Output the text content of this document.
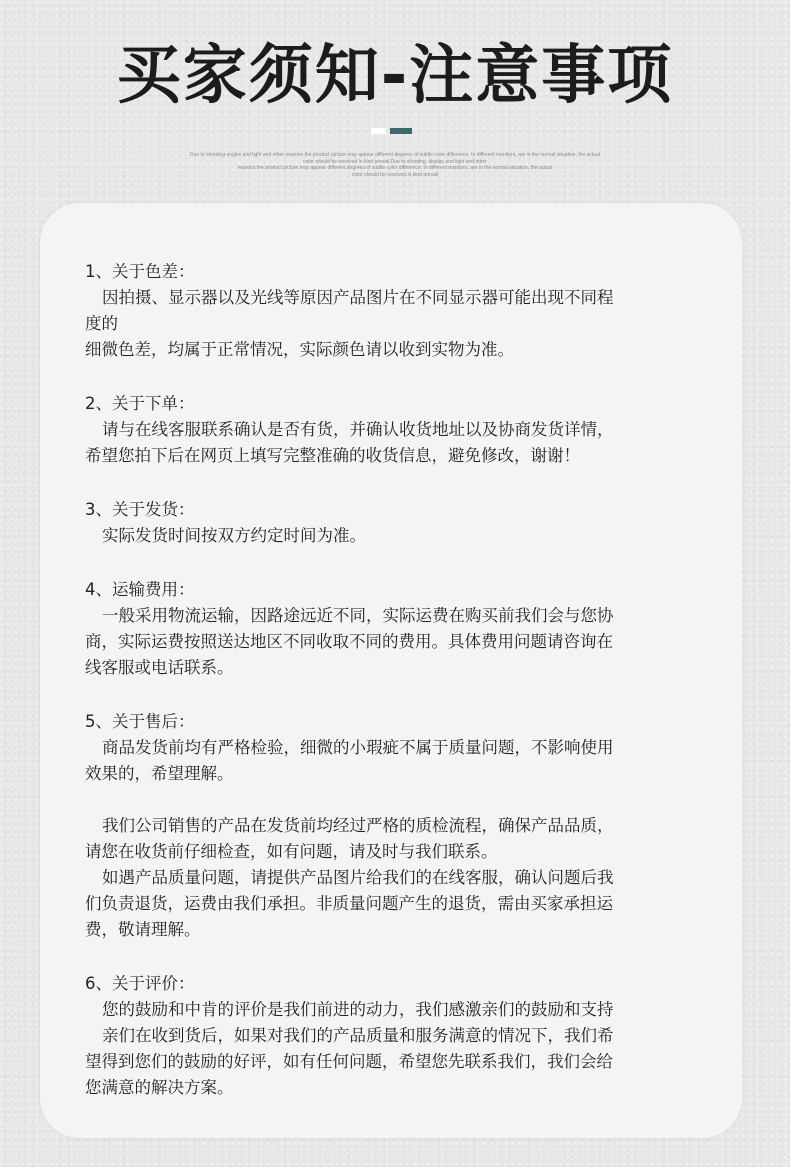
买家须知-注意事项
Due to shooting angles and light and other reasons the product picture may appear different degrees of subtle color difference. In different monitors, are in the normal situation, the actual
color should be received in kind prevail.Due to shooting, display and light and other
reasons the product picture may appear different degrees of subtle color difference. In different monitors, are in the normal situation, the actual
color should be received in kind prevail

1、关于色差：

因拍摄、显示器以及光线等原因产品图片在不同显示器可能出现不同程

度的

细微色差，均属于正常情况，实际颜色请以收到实物为准。

2、关于下单：

请与在线客服联系确认是否有货，并确认收货地址以及协商发货详情，

希望您拍下后在网页上填写完整准确的收货信息，避免修改，谢谢！

3、关于发货：

实际发货时间按双方约定时间为准。

4、运输费用：

一般采用物流运输，因路途远近不同，实际运费在购买前我们会与您协

商，实际运费按照送达地区不同收取不同的费用。具体费用问题请咨询在

线客服或电话联系。

5、关于售后：

商品发货前均有严格检验，细微的小瑕疵不属于质量问题，不影响使用

效果的，希望理解。

我们公司销售的产品在发货前均经过严格的质检流程，确保产品品质，

请您在收货前仔细检查，如有问题，请及时与我们联系。

如遇产品质量问题，请提供产品图片给我们的在线客服，确认问题后我

们负责退货，运费由我们承担。非质量问题产生的退货，需由买家承担运

费，敬请理解。

6、关于评价：

您的鼓励和中肯的评价是我们前进的动力，我们感激亲们的鼓励和支持

亲们在收到货后，如果对我们的产品质量和服务满意的情况下，我们希

望得到您们的鼓励的好评，如有任何问题，希望您先联系我们，我们会给

您满意的解决方案。
